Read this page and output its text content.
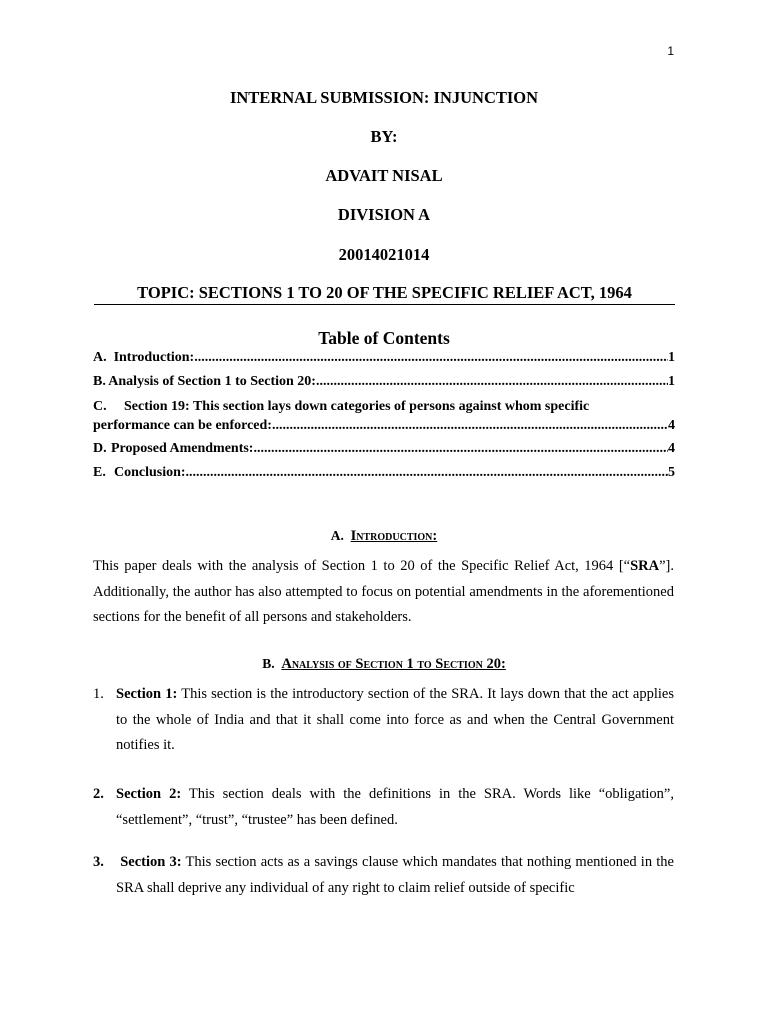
1
INTERNAL SUBMISSION: INJUNCTION
BY:
ADVAIT NISAL
DIVISION A
20014021014
TOPIC: SECTIONS 1 TO 20 OF THE SPECIFIC RELIEF ACT, 1964
Table of Contents
A. Introduction: .....	1
B. Analysis of Section 1 to Section 20: .....	1
C. Section 19: This section lays down categories of persons against whom specific
performance can be enforced: .....	4
D. Proposed Amendments: .....	4
E. Conclusion: .....	5
A. Introduction:
This paper deals with the analysis of Section 1 to 20 of the Specific Relief Act, 1964 [“SRA”]. Additionally, the author has also attempted to focus on potential amendments in the aforementioned sections for the benefit of all persons and stakeholders.
B. Analysis of Section 1 to Section 20:
1. Section 1: This section is the introductory section of the SRA. It lays down that the act applies to the whole of India and that it shall come into force as and when the Central Government notifies it.
2. Section 2: This section deals with the definitions in the SRA. Words like “obligation”, “settlement”, “trust”, “trustee” has been defined.
3. Section 3: This section acts as a savings clause which mandates that nothing mentioned in the SRA shall deprive any individual of any right to claim relief outside of specific
